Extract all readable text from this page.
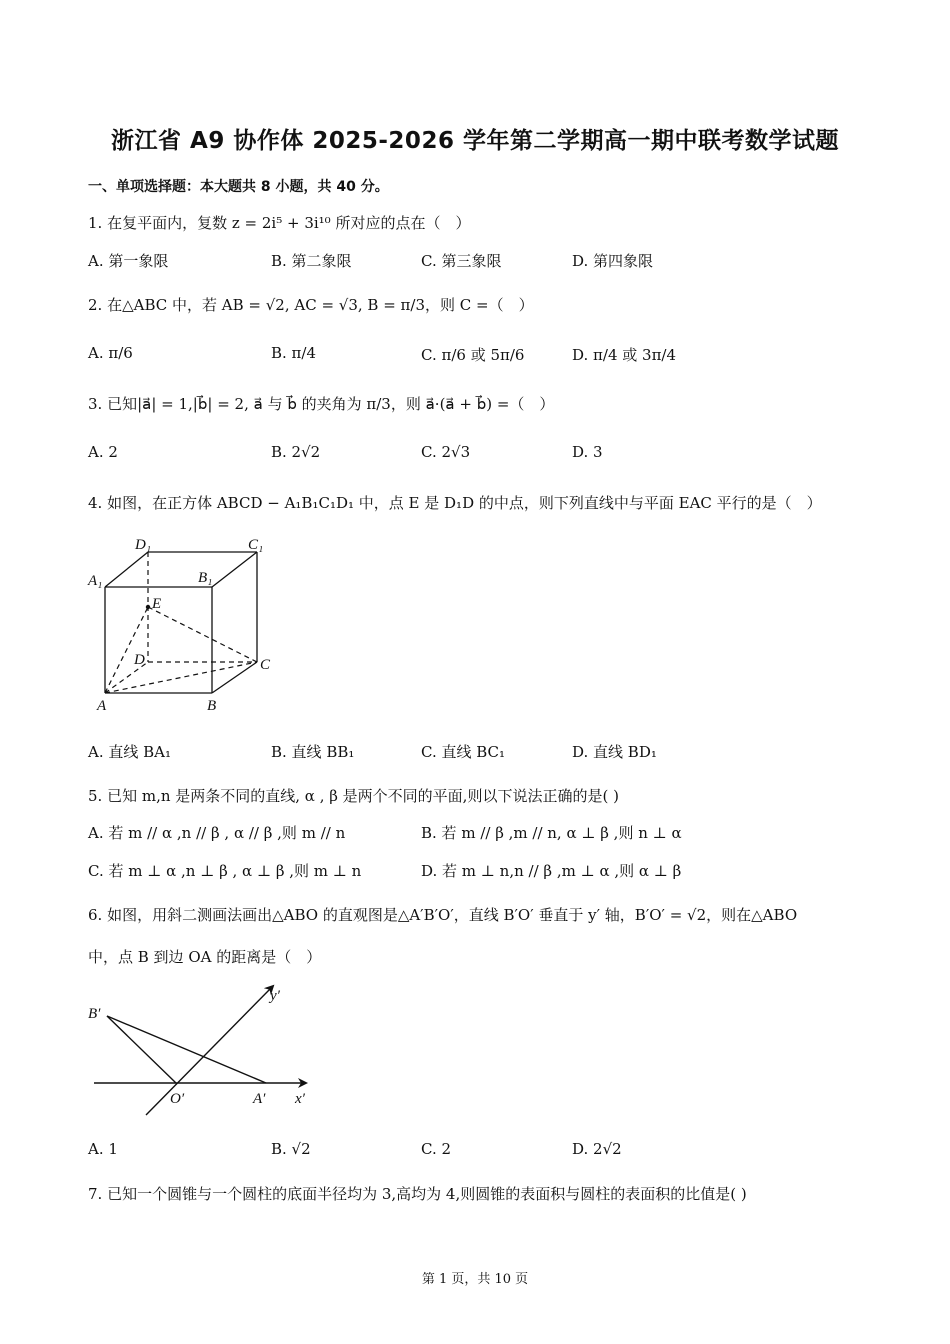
浙江省 A9 协作体 2025-2026 学年第二学期高一期中联考数学试题
一、单项选择题：本大题共 8 小题，共 40 分。
1. 在复平面内，复数 z = 2i⁵ + 3i¹⁰ 所对应的点在（　）
A. 第一象限	B. 第二象限	C. 第三象限	D. 第四象限
2. 在△ABC 中，若 AB = √2, AC = √3, B = π/3，则 C =（　）
A. π/6	B. π/4	C. π/6 或 5π/6	D. π/4 或 3π/4
3. 已知|a⃗| = 1,|b⃗| = 2, a⃗ 与 b⃗ 的夹角为 π/3，则 a⃗·(a⃗ + b⃗) =（　）
A. 2	B. 2√2	C. 2√3	D. 3
4. 如图，在正方体 ABCD − A₁B₁C₁D₁ 中，点 E 是 D₁D 的中点，则下列直线中与平面 EAC 平行的是（　）
D₁	C₁
A₁	B₁
E
D	C
A	B
A. 直线 BA₁	B. 直线 BB₁	C. 直线 BC₁	D. 直线 BD₁
5. 已知 m,n 是两条不同的直线, α , β 是两个不同的平面,则以下说法正确的是( )
A. 若 m // α ,n // β , α // β ,则 m // n	B. 若 m // β ,m // n, α ⊥ β ,则 n ⊥ α
C. 若 m ⊥ α ,n ⊥ β , α ⊥ β ,则 m ⊥ n	D. 若 m ⊥ n,n // β ,m ⊥ α ,则 α ⊥ β
6. 如图，用斜二测画法画出△ABO 的直观图是△A′B′O′，直线 B′O′ 垂直于 y′ 轴，B′O′ = √2，则在△ABO
中，点 B 到边 OA 的距离是（　）
B′
y′
O′	A′ x′
A. 1	B. √2	C. 2	D. 2√2
7. 已知一个圆锥与一个圆柱的底面半径均为 3,高均为 4,则圆锥的表面积与圆柱的表面积的比值是( )
第 1 页，共 10 页
